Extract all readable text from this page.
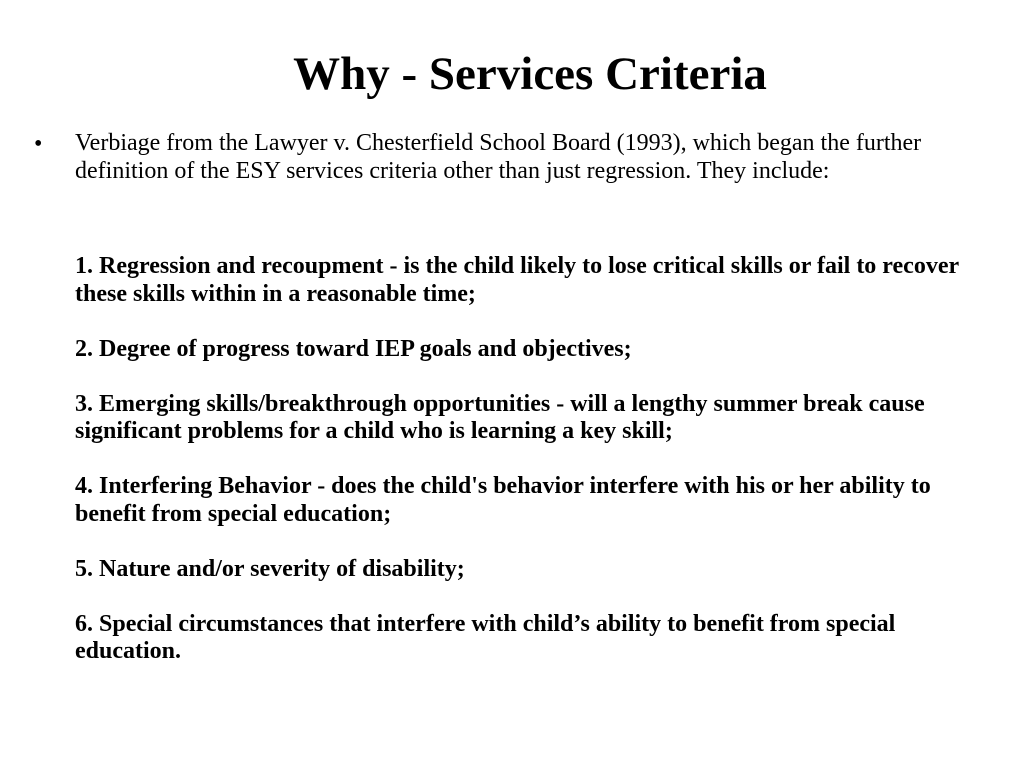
Why - Services Criteria
• Verbiage from the Lawyer v. Chesterfield School Board (1993), which began the further definition of the ESY services criteria other than just regression. They include:

1. Regression and recoupment - is the child likely to lose critical skills or fail to recover these skills within in a reasonable time;
2. Degree of progress toward IEP goals and objectives;
3. Emerging skills/breakthrough opportunities - will a lengthy summer break cause significant problems for a child who is learning a key skill;
4. Interfering Behavior - does the child's behavior interfere with his or her ability to benefit from special education;
5. Nature and/or severity of disability;
6. Special circumstances that interfere with child’s ability to benefit from special education.
